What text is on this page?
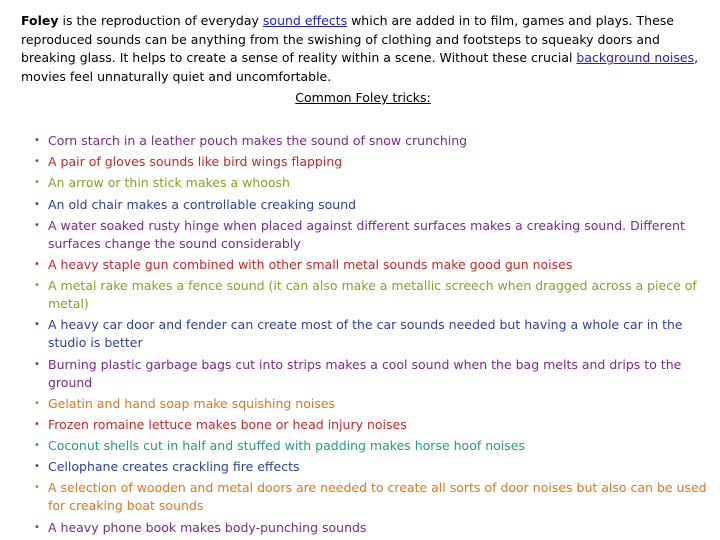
Foley is the reproduction of everyday sound effects which are added in to film, games and plays. These reproduced sounds can be anything from the swishing of clothing and footsteps to squeaky doors and breaking glass. It helps to create a sense of reality within a scene. Without these crucial background noises, movies feel unnaturally quiet and uncomfortable.

Common Foley tricks:
• Corn starch in a leather pouch makes the sound of snow crunching
• A pair of gloves sounds like bird wings flapping
• An arrow or thin stick makes a whoosh
• An old chair makes a controllable creaking sound
• A water soaked rusty hinge when placed against different surfaces makes a creaking sound. Different surfaces change the sound considerably
• A heavy staple gun combined with other small metal sounds make good gun noises
• A metal rake makes a fence sound (it can also make a metallic screech when dragged across a piece of metal)
• A heavy car door and fender can create most of the car sounds needed but having a whole car in the studio is better
• Burning plastic garbage bags cut into strips makes a cool sound when the bag melts and drips to the ground
• Gelatin and hand soap make squishing noises
• Frozen romaine lettuce makes bone or head injury noises
• Coconut shells cut in half and stuffed with padding makes horse hoof noises
• Cellophane creates crackling fire effects
• A selection of wooden and metal doors are needed to create all sorts of door noises but also can be used for creaking boat sounds
• A heavy phone book makes body-punching sounds
